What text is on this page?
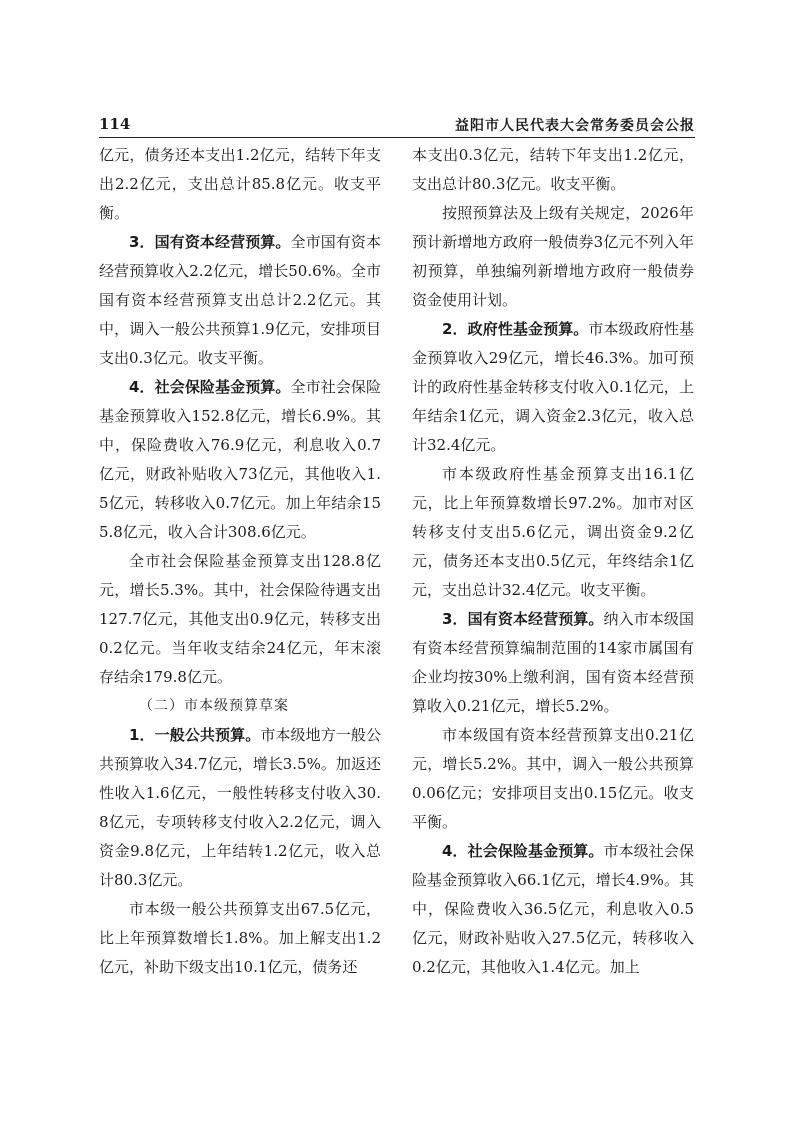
114	益阳市人民代表大会常务委员会公报

亿元，债务还本支出1.2亿元，结转下年支出2.2亿元，支出总计85.8亿元。收支平衡。

3．国有资本经营预算。全市国有资本经营预算收入2.2亿元，增长50.6%。全市国有资本经营预算支出总计2.2亿元。其中，调入一般公共预算1.9亿元，安排项目支出0.3亿元。收支平衡。

4．社会保险基金预算。全市社会保险基金预算收入152.8亿元，增长6.9%。其中，保险费收入76.9亿元，利息收入0.7亿元，财政补贴收入73亿元，其他收入1.5亿元，转移收入0.7亿元。加上年结余155.8亿元，收入合计308.6亿元。

全市社会保险基金预算支出128.8亿元，增长5.3%。其中，社会保险待遇支出127.7亿元，其他支出0.9亿元，转移支出0.2亿元。当年收支结余24亿元，年末滚存结余179.8亿元。

（二）市本级预算草案

1．一般公共预算。市本级地方一般公共预算收入34.7亿元，增长3.5%。加返还性收入1.6亿元，一般性转移支付收入30.8亿元，专项转移支付收入2.2亿元，调入资金9.8亿元，上年结转1.2亿元，收入总计80.3亿元。

市本级一般公共预算支出67.5亿元，比上年预算数增长1.8%。加上解支出1.2亿元，补助下级支出10.1亿元，债务还

本支出0.3亿元，结转下年支出1.2亿元，支出总计80.3亿元。收支平衡。

按照预算法及上级有关规定，2026年预计新增地方政府一般债券3亿元不列入年初预算，单独编列新增地方政府一般债券资金使用计划。

2．政府性基金预算。市本级政府性基金预算收入29亿元，增长46.3%。加可预计的政府性基金转移支付收入0.1亿元，上年结余1亿元，调入资金2.3亿元，收入总计32.4亿元。

市本级政府性基金预算支出16.1亿元，比上年预算数增长97.2%。加市对区转移支付支出5.6亿元，调出资金9.2亿元，债务还本支出0.5亿元，年终结余1亿元，支出总计32.4亿元。收支平衡。

3．国有资本经营预算。纳入市本级国有资本经营预算编制范围的14家市属国有企业均按30%上缴利润，国有资本经营预算收入0.21亿元，增长5.2%。

市本级国有资本经营预算支出0.21亿元，增长5.2%。其中，调入一般公共预算0.06亿元；安排项目支出0.15亿元。收支平衡。

4．社会保险基金预算。市本级社会保险基金预算收入66.1亿元，增长4.9%。其中，保险费收入36.5亿元，利息收入0.5亿元，财政补贴收入27.5亿元，转移收入0.2亿元，其他收入1.4亿元。加上
